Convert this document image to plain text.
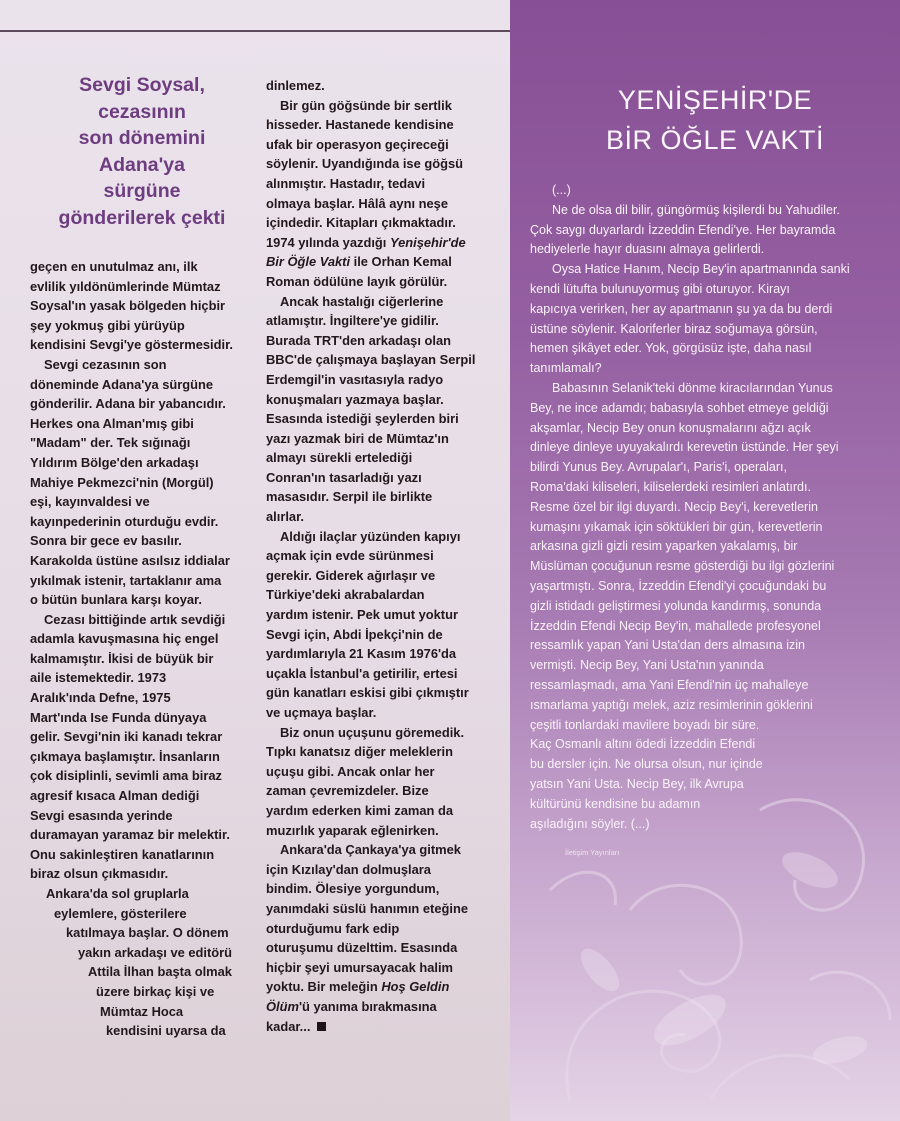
Sevgi Soysal,
cezasının
son dönemini
Adana'ya
sürgüne
gönderilerek çekti
geçen en unutulmaz anı, ilk
evlilik yıldönümlerinde Mümtaz
Soysal'ın yasak bölgeden hiçbir
şey yokmuş gibi yürüyüp
kendisini Sevgi'ye göstermesidir.
Sevgi cezasının son
döneminde Adana'ya sürgüne
gönderilir. Adana bir yabancıdır.
Herkes ona Alman'mış gibi
"Madam" der. Tek sığınağı
Yıldırım Bölge'den arkadaşı
Mahiye Pekmezci'nin (Morgül)
eşi, kayınvaldesi ve
kayınpederinin oturduğu evdir.
Sonra bir gece ev basılır.
Karakolda üstüne asılsız iddialar
yıkılmak istenir, tartaklanır ama
o bütün bunlara karşı koyar.
Cezası bittiğinde artık sevdiği
adamla kavuşmasına hiç engel
kalmamıştır. İkisi de büyük bir
aile istemektedir. 1973
Aralık'ında Defne, 1975
Mart'ında Ise Funda dünyaya
gelir. Sevgi'nin iki kanadı tekrar
çıkmaya başlamıştır. İnsanların
çok disiplinli, sevimli ama biraz
agresif kısaca Alman dediği
Sevgi esasında yerinde
duramayan yaramaz bir melektir.
Onu sakinleştiren kanatlarının
biraz olsun çıkmasıdır.
Ankara'da sol gruplarla
eylemlere, gösterilere
katılmaya başlar. O dönem
yakın arkadaşı ve editörü
Attila İlhan başta olmak
üzere birkaç kişi ve
Mümtaz Hoca
kendisini uyarsa da
dinlemez.
Bir gün göğsünde bir sertlik
hisseder. Hastanede kendisine
ufak bir operasyon geçireceği
söylenir. Uyandığında ise göğsü
alınmıştır. Hastadır, tedavi
olmaya başlar. Hâlâ aynı neşe
içindedir. Kitapları çıkmaktadır.
1974 yılında yazdığı Yenişehir'de
Bir Öğle Vakti ile Orhan Kemal
Roman ödülüne layık görülür.
Ancak hastalığı ciğerlerine
atlamıştır. İngiltere'ye gidilir.
Burada TRT'den arkadaşı olan
BBC'de çalışmaya başlayan Serpil
Erdemgil'in vasıtasıyla radyo
konuşmaları yazmaya başlar.
Esasında istediği şeylerden biri
yazı yazmak biri de Mümtaz'ın
almayı sürekli ertelediği
Conran'ın tasarladığı yazı
masasıdır. Serpil ile birlikte
alırlar.
Aldığı ilaçlar yüzünden kapıyı
açmak için evde sürünmesi
gerekir. Giderek ağırlaşır ve
Türkiye'deki akrabalardan
yardım istenir. Pek umut yoktur
Sevgi için, Abdi İpekçi'nin de
yardımlarıyla 21 Kasım 1976'da
uçakla İstanbul'a getirilir, ertesi
gün kanatları eskisi gibi çıkmıştır
ve uçmaya başlar.
Biz onun uçuşunu göremedik.
Tıpkı kanatsız diğer meleklerin
uçuşu gibi. Ancak onlar her
zaman çevremizdeler. Bize
yardım ederken kimi zaman da
muzırlık yaparak eğlenirken.
Ankara'da Çankaya'ya gitmek
için Kızılay'dan dolmuşlara
bindim. Ölesiye yorgundum,
yanımdaki süslü hanımın eteğine
oturduğumu fark edip
oturuşumu düzelttim. Esasında
hiçbir şeyi umursayacak halim
yoktu. Bir meleğin Hoş Geldin
Ölüm'ü yanıma bırakmasına
kadar...
YENİŞEHİR'DE
BİR ÖĞLE VAKTİ
(...)
Ne de olsa dil bilir, güngörmüş kişilerdi bu Yahudiler.
Çok saygı duyarlardı İzzeddin Efendi'ye. Her bayramda
hediyelerle hayır duasını almaya gelirlerdi.
Oysa Hatice Hanım, Necip Bey'in apartmanında sanki
kendi lütufta bulunuyormuş gibi oturuyor. Kirayı
kapıcıya verirken, her ay apartmanın şu ya da bu derdi
üstüne söylenir. Kaloriferler biraz soğumaya görsün,
hemen şikâyet eder. Yok, görgüsüz işte, daha nasıl
tanımlamalı?
Babasının Selanik'teki dönme kiracılarından Yunus
Bey, ne ince adamdı; babasıyla sohbet etmeye geldiği
akşamlar, Necip Bey onun konuşmalarını ağzı açık
dinleye dinleye uyuyakalırdı kerevetin üstünde. Her şeyi
bilirdi Yunus Bey. Avrupalar'ı, Paris'i, operaları,
Roma'daki kiliseleri, kiliselerdeki resimleri anlatırdı.
Resme özel bir ilgi duyardı. Necip Bey'i, kerevetlerin
kumaşını yıkamak için söktükleri bir gün, kerevetlerin
arkasına gizli gizli resim yaparken yakalamış, bir
Müslüman çocuğunun resme gösterdiği bu ilgi gözlerini
yaşartmıştı. Sonra, İzzeddin Efendi'yi çocuğundaki bu
gizli istidadı geliştirmesi yolunda kandırmış, sonunda
İzzeddin Efendi Necip Bey'in, mahallede profesyonel
ressamlık yapan Yani Usta'dan ders almasına izin
vermişti. Necip Bey, Yani Usta'nın yanında
ressamlaşmadı, ama Yani Efendi'nin üç mahalleye
ısmarlama yaptığı melek, aziz resimlerinin göklerini
çeşitli tonlardaki mavilere boyadı bir süre.
Kaç Osmanlı altını ödedi İzzeddin Efendi
bu dersler için. Ne olursa olsun, nur içinde
yatsın Yani Usta. Necip Bey, ilk Avrupa
kültürünü kendisine bu adamın
aşıladığını söyler. (...)
İletişim Yayınları
